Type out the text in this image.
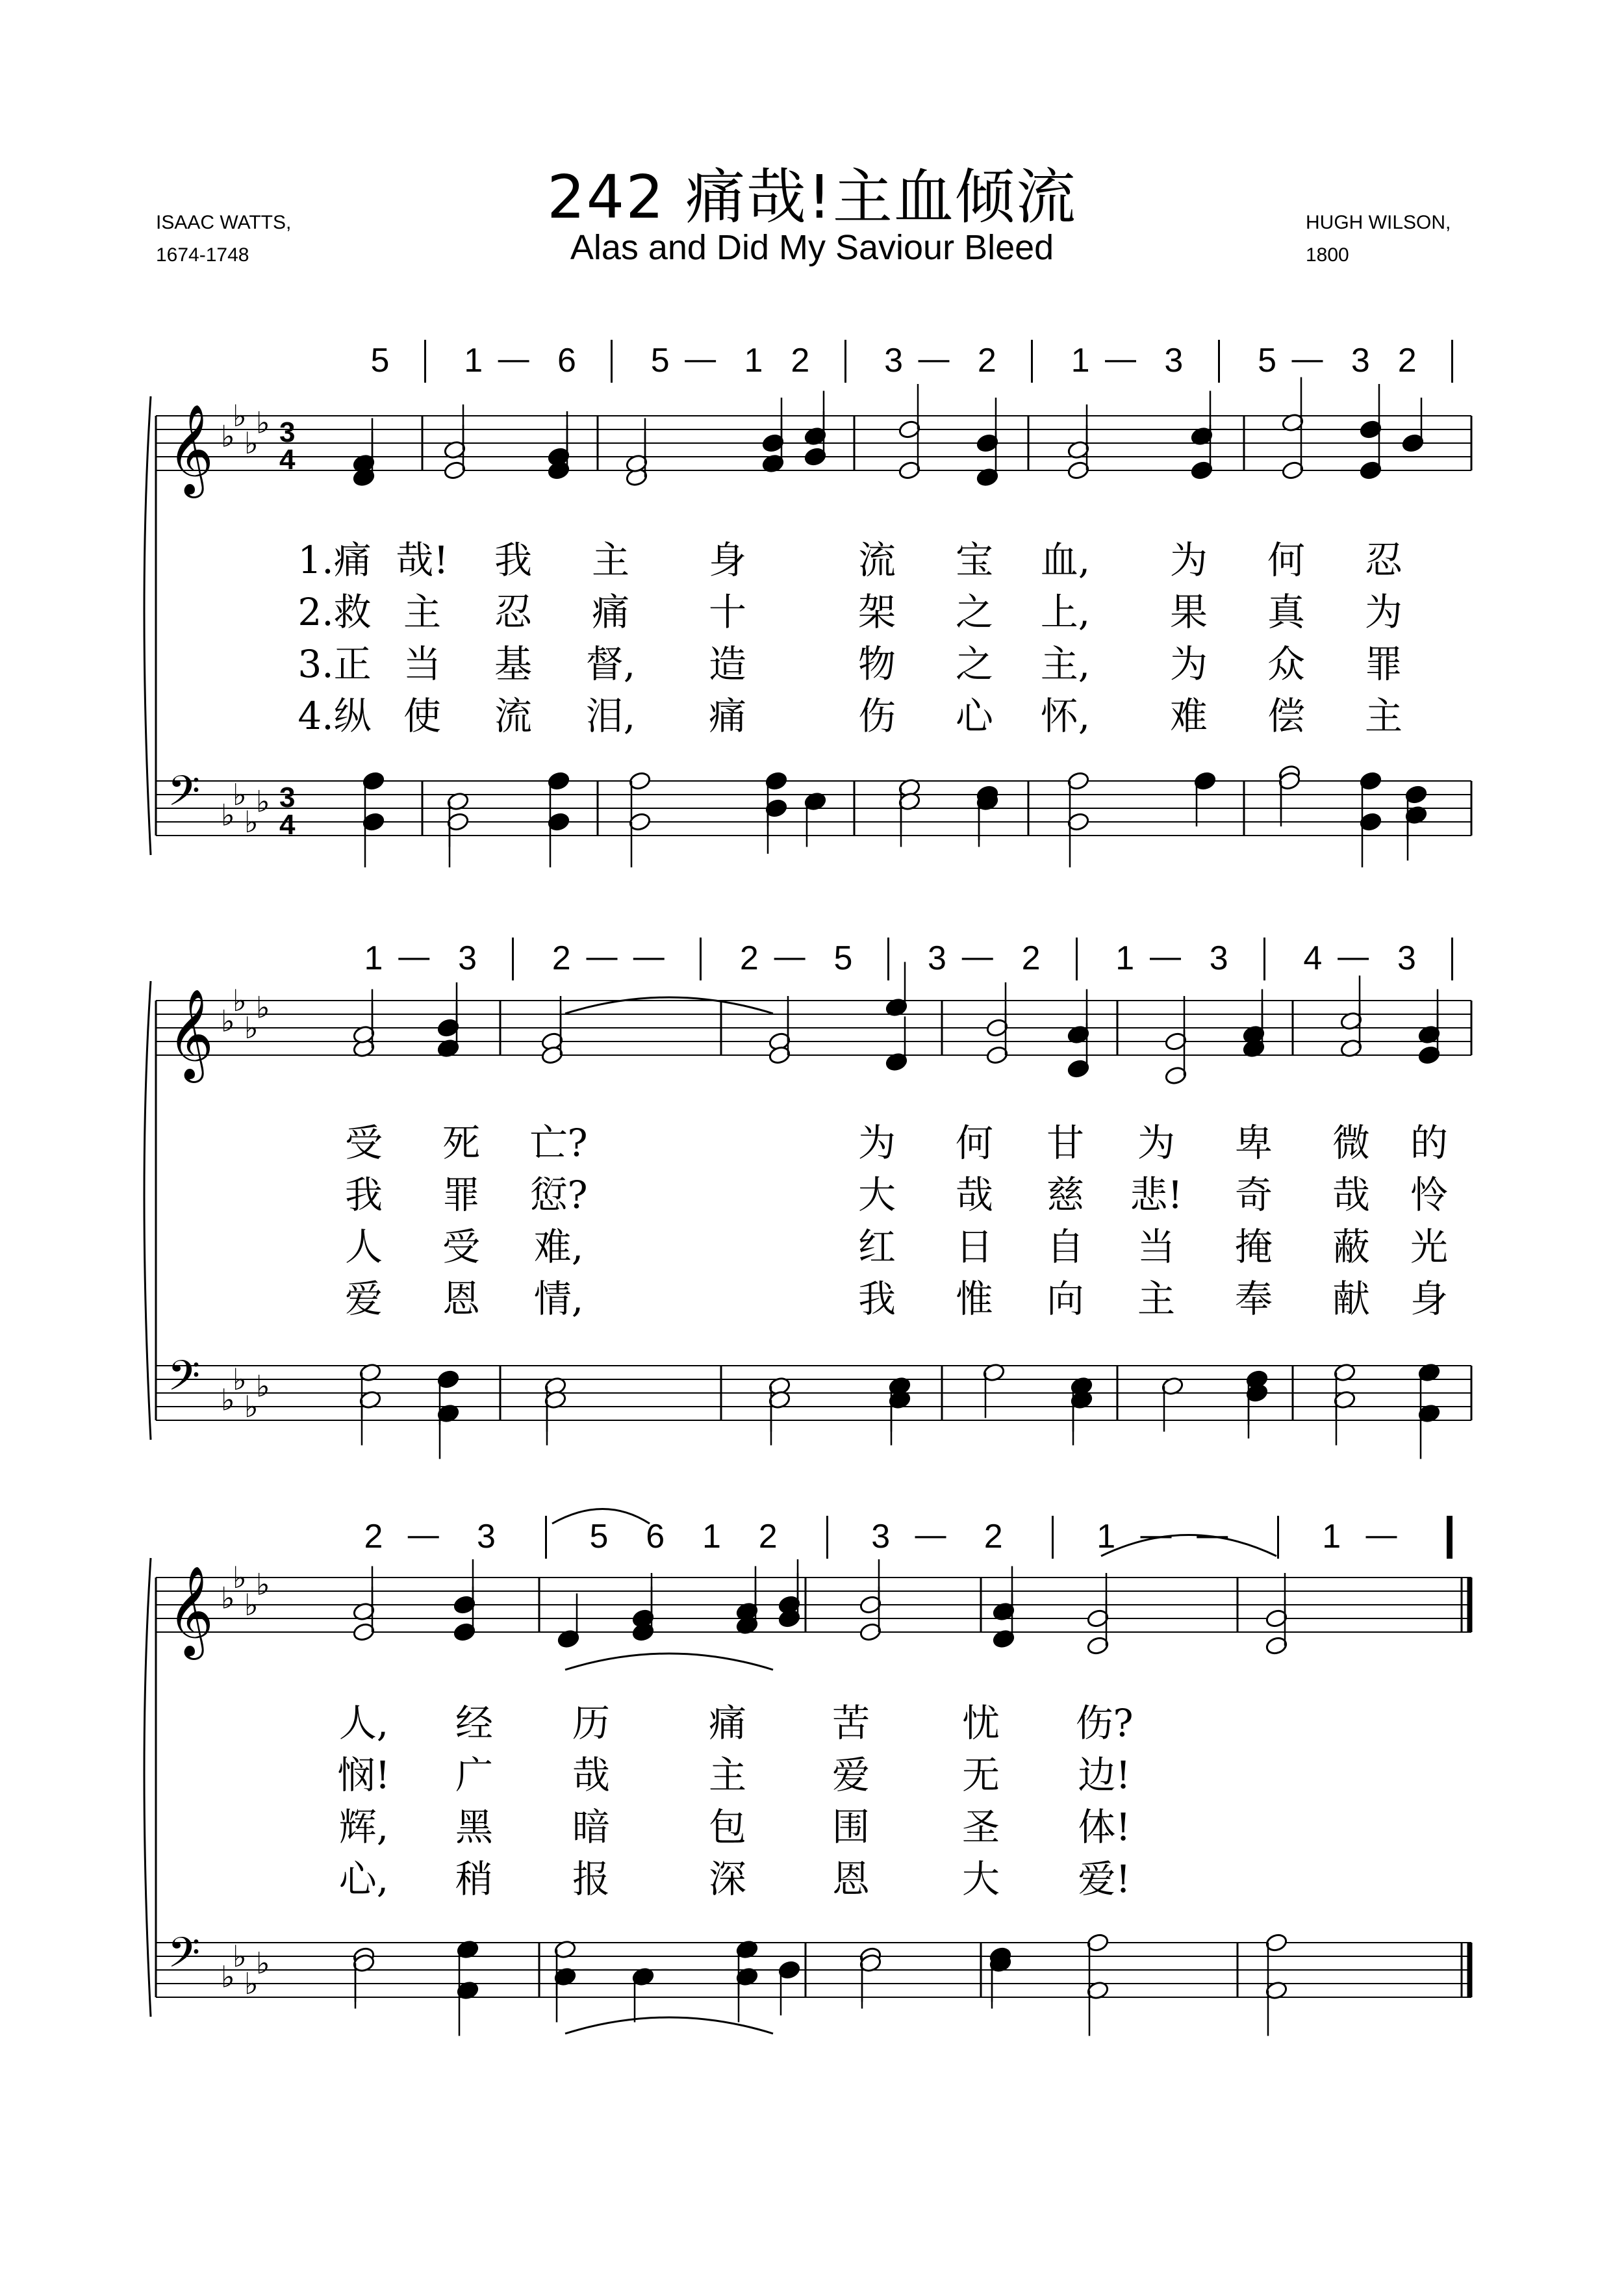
242 痛哉!主血倾流
Alas and Did My Saviour Bleed
ISAAC WATTS,
1674-1748
HUGH WILSON,
1800
𝄞 ♭
♭
♭
♭ 3
4
𝄢 ♭
♭
♭
♭ 3
4
𝄞 ♭
♭
♭
♭
𝄢 ♭
♭
♭
♭
𝄞 ♭
♭
♭
♭
𝄢 ♭
♭
♭
♭
5	1 — 6	5 — 1 2	3 — 2	1 — 3	5 — 3 2
1 — 3	2 — —	2 — 5	3 — 2	1 — 3	4 — 3
2 —	3	5	6	1	2	3 —	2	1 — —	1 —
1.痛 哉! 我 主 身	流 宝 血, 为 何 忍
2.救 主 忍 痛 十	架 之 上, 果 真 为
3.正 当 基 督, 造	物 之 主, 为 众 罪
4.纵 使 流 泪, 痛	伤 心 怀, 难 偿 主
受 死 亡?	为 何 甘 为 卑 微 的
我 罪 愆?	大 哉 慈 悲! 奇 哉 怜
人 受 难,	红 日 自 当 掩 蔽 光
爱 恩 情,	我 惟 向 主 奉 献 身
人, 经 历	痛 苦 忧 伤?
悯! 广 哉	主 爱 无 边!
辉, 黑 暗	包 围 圣 体!
心, 稍 报	深 恩 大 爱!
